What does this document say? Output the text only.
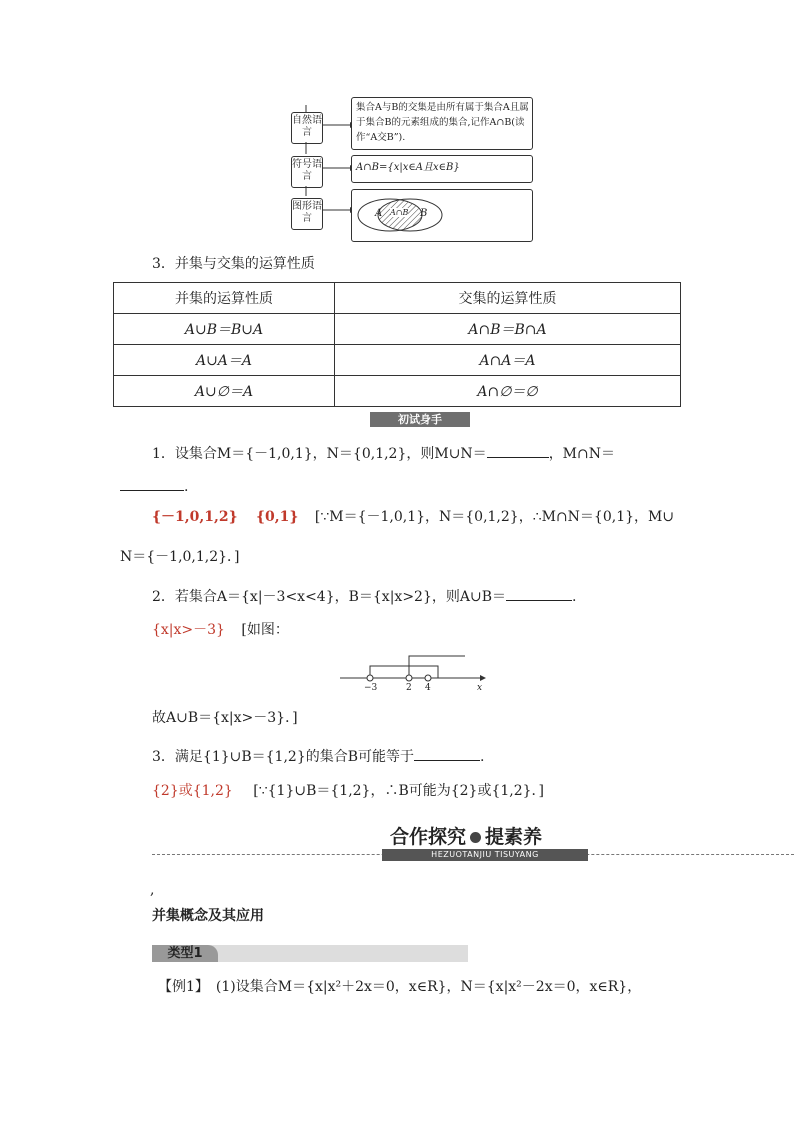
自然语言
符号语言
图形语言
集合A与B的交集是由所有属于集合A且属
于集合B的元素组成的集合,记作A∩B(读
作“A交B”).
A∩B={x|x∈A且x∈B}
A A∩B B
3．并集与交集的运算性质
并集的运算性质	交集的运算性质
A∪B＝B∪A	A∩B＝B∩A
A∪A＝A	A∩A＝A
A∪∅＝A	A∩∅＝∅
初试身手
1．设集合M＝{－1,0,1}，N＝{0,1,2}，则M∪N＝	，M∩N＝
.
{－1,0,1,2} {0,1} [∵M＝{－1,0,1}，N＝{0,1,2}，∴M∩N＝{0,1}，M∪
N＝{－1,0,1,2}．]
2．若集合A＝{x|－3<x<4}，B＝{x|x>2}，则A∪B＝	.
{x|x>－3} [如图：
−3	2 4	x
故A∪B＝{x|x>－3}．]
3．满足{1}∪B＝{1,2}的集合B可能等于	.
{2}或{1,2} [∵{1}∪B＝{1,2}，∴B可能为{2}或{1,2}．]
合作探究 提素养
HEZUOTANJIU TISUYANG
,
并集概念及其应用
类型1
【例1】　(1)设集合M＝{x|x²＋2x＝0，x∈R}，N＝{x|x²－2x＝0，x∈R}，
